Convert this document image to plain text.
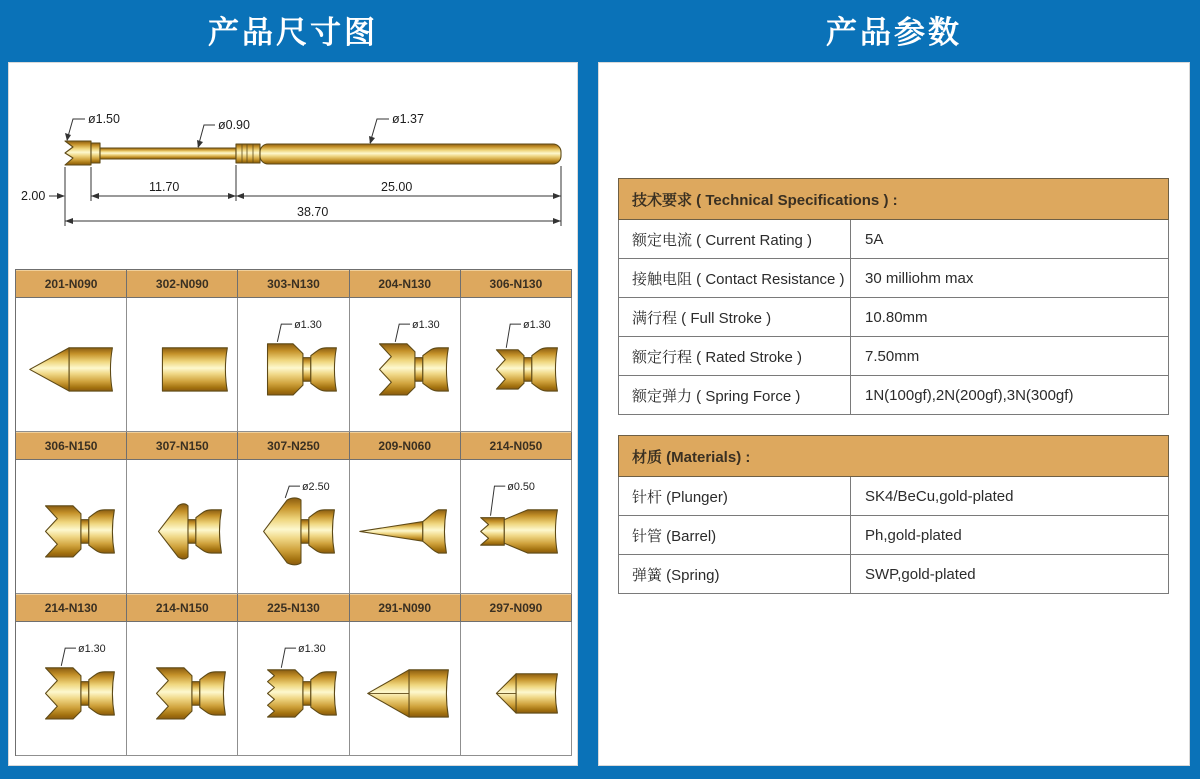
产品尺寸图	产品参数
ø1.50	ø0.90	ø1.37
2.00
11.70	25.00
38.70
201-N090	302-N090	303-N130	204-N130	306-N130
ø1.30	ø1.30	ø1.30
306-N150	307-N150	307-N250	209-N060	214-N050
ø2.50	ø0.50
214-N130	214-N150	225-N130	291-N090	297-N090
ø1.30	ø1.30
技术要求 ( Technical Specifications ) :
额定电流 ( Current Rating )	5A
接触电阻 ( Contact Resistance )	30 milliohm max
满行程 ( Full Stroke )	10.80mm
额定行程 ( Rated Stroke )	7.50mm
额定弹力 ( Spring Force )	1N(100gf),2N(200gf),3N(300gf)
材质 (Materials) :
针杆 (Plunger)	SK4/BeCu,gold-plated
针管 (Barrel)	Ph,gold-plated
弹簧 (Spring)	SWP,gold-plated
